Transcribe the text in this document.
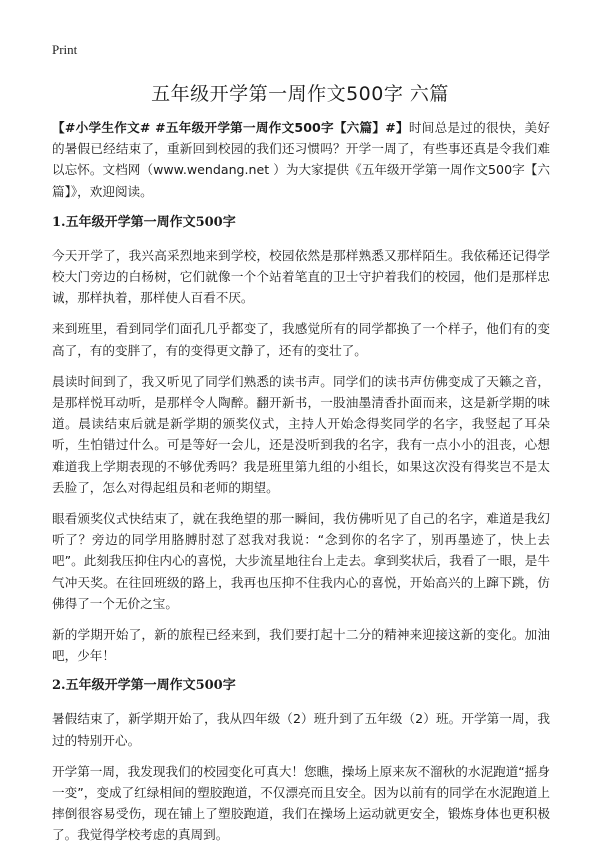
Print
五年级开学第一周作文500字 六篇

【#小学生作文# #五年级开学第一周作文500字【六篇】#】时间总是过的很快，美好的暑假已经结束了，重新回到校园的我们还习惯吗？开学一周了，有些事还真是令我们难以忘怀。文档网（www.wendang.net ）为大家提供《五年级开学第一周作文500字【六篇】》，欢迎阅读。

1.五年级开学第一周作文500字

今天开学了，我兴高采烈地来到学校，校园依然是那样熟悉又那样陌生。我依稀还记得学校大门旁边的白杨树，它们就像一个个站着笔直的卫士守护着我们的校园，他们是那样忠诚，那样执着，那样使人百看不厌。

来到班里，看到同学们面孔几乎都变了，我感觉所有的同学都换了一个样子，他们有的变高了，有的变胖了，有的变得更文静了，还有的变壮了。

晨读时间到了，我又听见了同学们熟悉的读书声。同学们的读书声仿佛变成了天籁之音，是那样悦耳动听，是那样令人陶醉。翻开新书，一股油墨清香扑面而来，这是新学期的味道。晨读结束后就是新学期的颁奖仪式，主持人开始念得奖同学的名字，我竖起了耳朵听，生怕错过什么。可是等好一会儿，还是没听到我的名字，我有一点小小的沮丧，心想难道我上学期表现的不够优秀吗？我是班里第九组的小组长，如果这次没有得奖岂不是太丢脸了，怎么对得起组员和老师的期望。

眼看颁奖仪式快结束了，就在我绝望的那一瞬间，我仿佛听见了自己的名字，难道是我幻听了？旁边的同学用胳膊肘怼了怼我对我说：“念到你的名字了，别再墨迹了，快上去吧”。此刻我压抑住内心的喜悦，大步流星地往台上走去。拿到奖状后，我看了一眼，是牛气冲天奖。在往回班级的路上，我再也压抑不住我内心的喜悦，开始高兴的上蹿下跳，仿佛得了一个无价之宝。

新的学期开始了，新的旅程已经来到，我们要打起十二分的精神来迎接这新的变化。加油吧，少年！

2.五年级开学第一周作文500字

暑假结束了，新学期开始了，我从四年级（2）班升到了五年级（2）班。开学第一周，我过的特别开心。

开学第一周，我发现我们的校园变化可真大！您瞧，操场上原来灰不溜秋的水泥跑道“摇身一变”，变成了红绿相间的塑胶跑道，不仅漂亮而且安全。因为以前有的同学在水泥跑道上摔倒很容易受伤，现在铺上了塑胶跑道，我们在操场上运动就更安全，锻炼身体也更积极了。我觉得学校考虑的真周到。
